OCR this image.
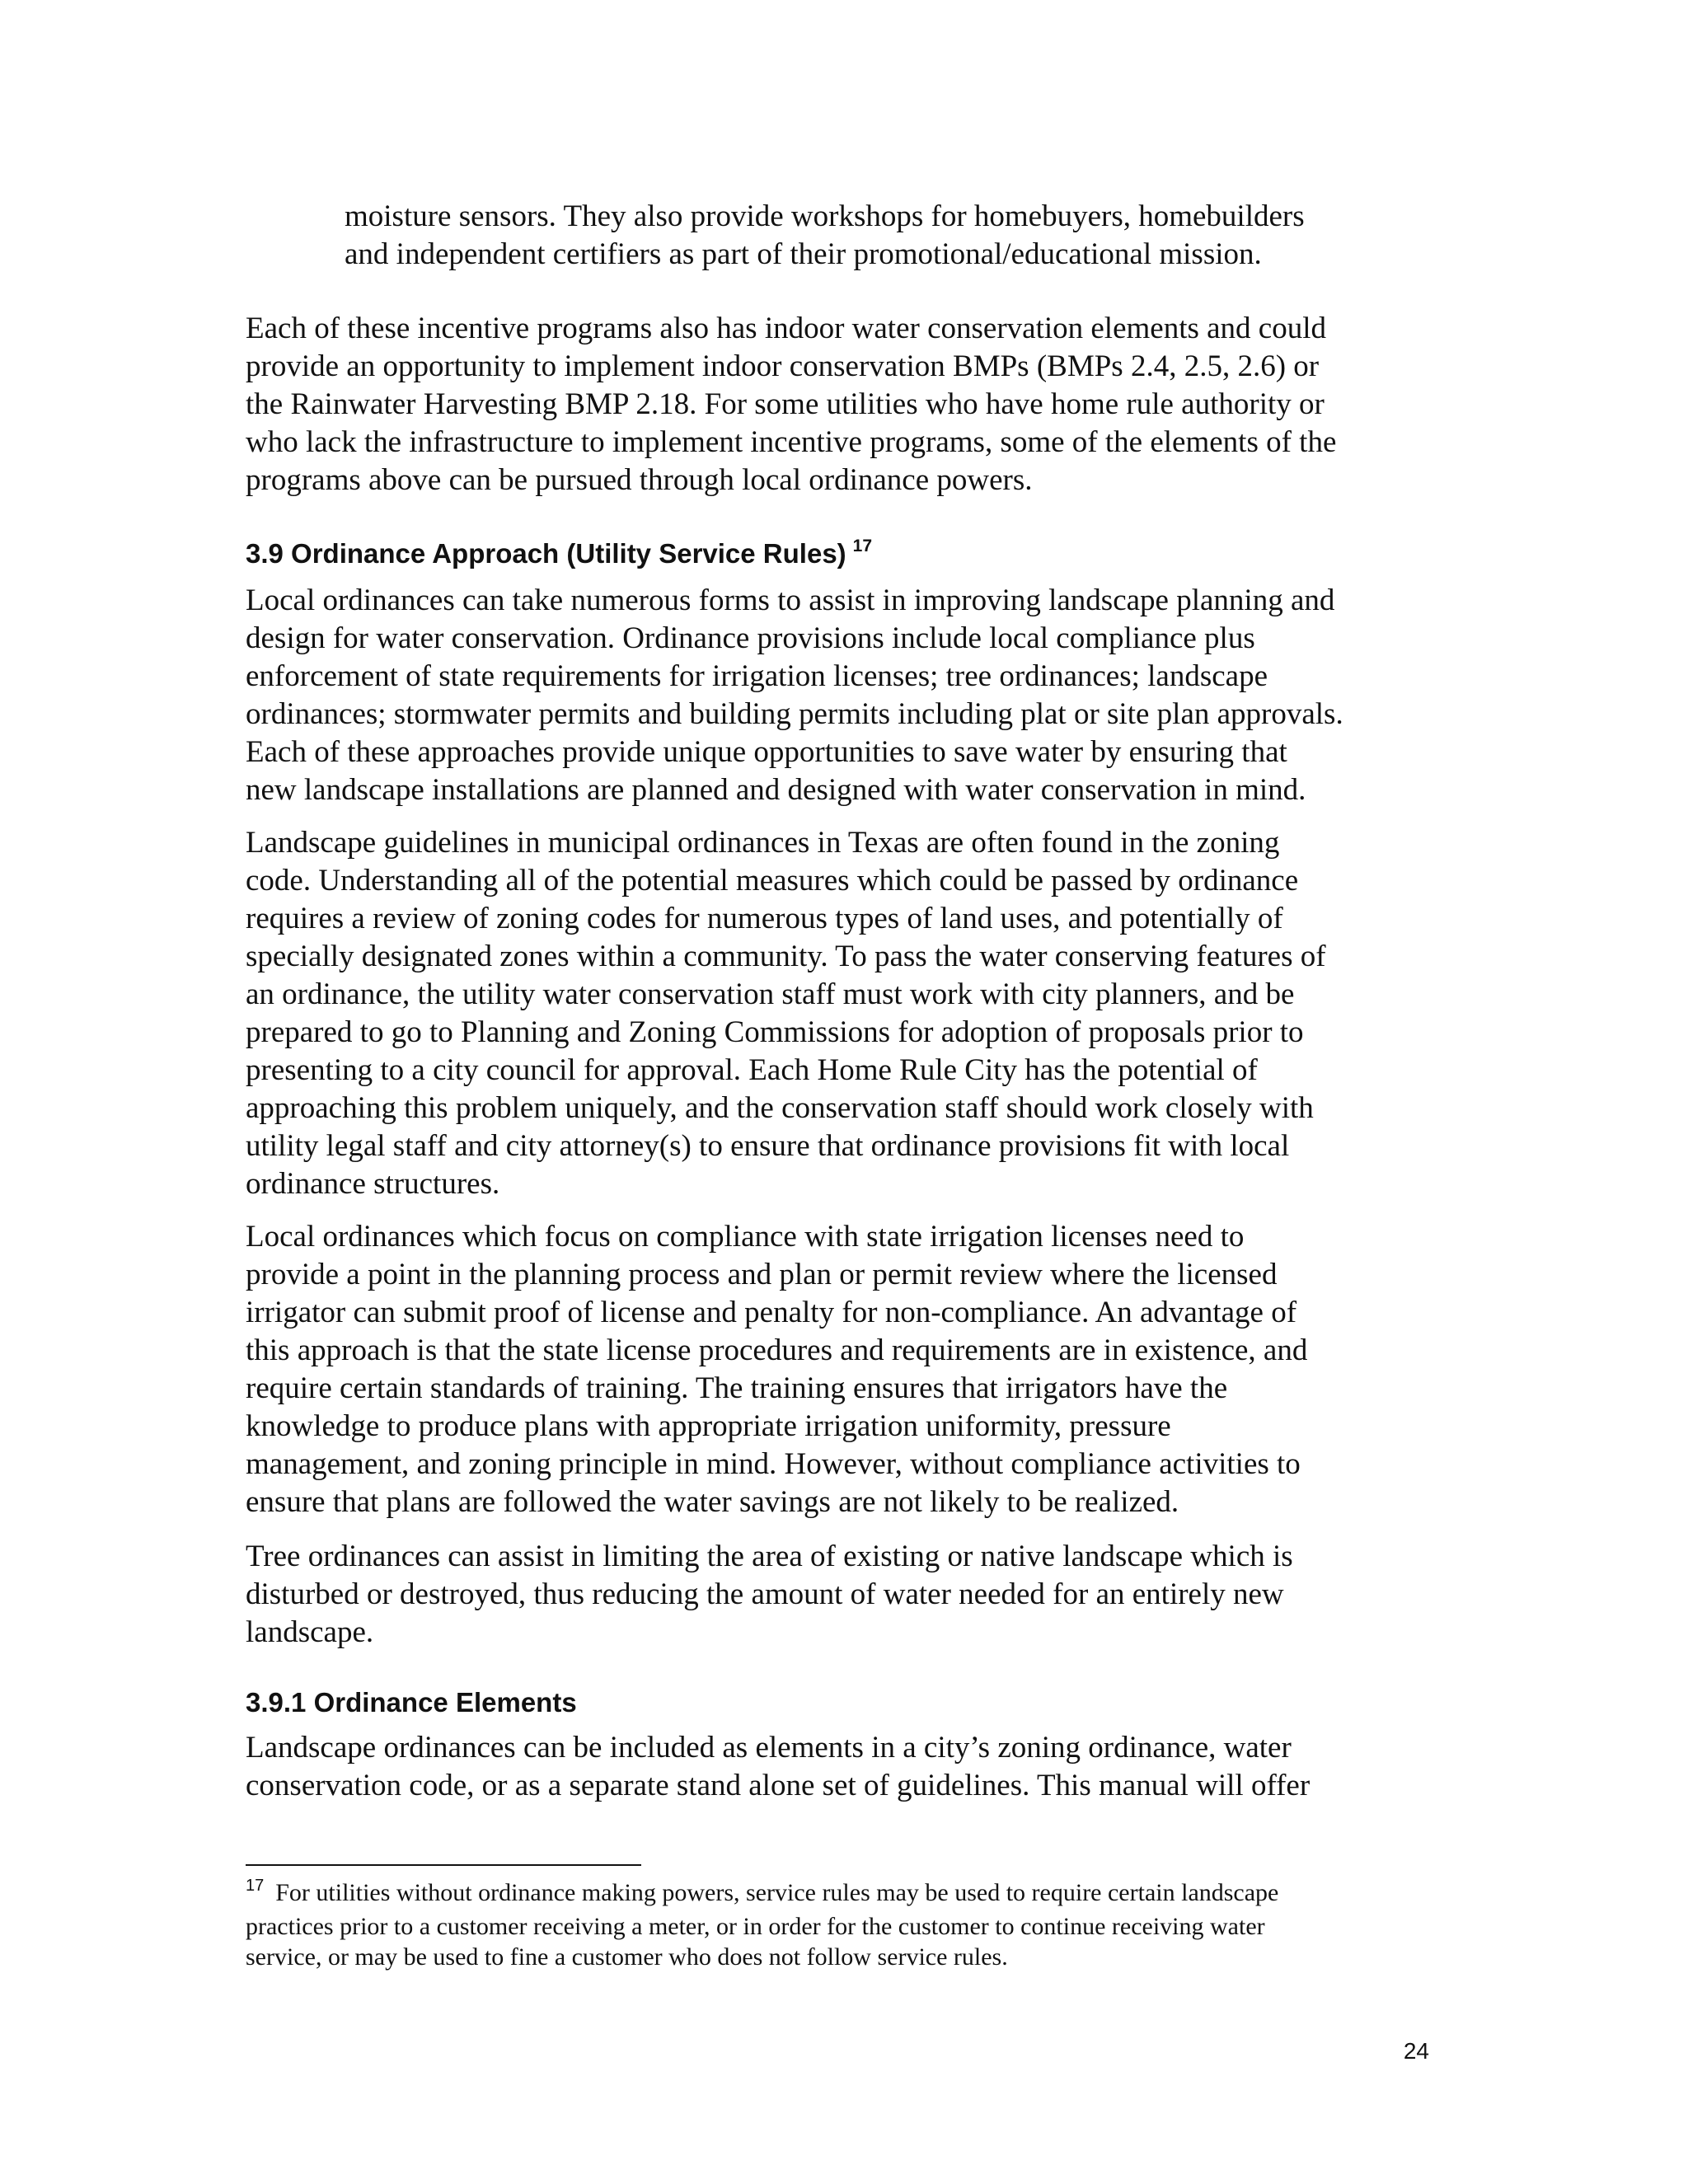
moisture sensors. They also provide workshops for homebuyers, homebuilders
and independent certifiers as part of their promotional/educational mission.

Each of these incentive programs also has indoor water conservation elements and could
provide an opportunity to implement indoor conservation BMPs (BMPs 2.4, 2.5, 2.6) or
the Rainwater Harvesting BMP 2.18. For some utilities who have home rule authority or
who lack the infrastructure to implement incentive programs, some of the elements of the
programs above can be pursued through local ordinance powers.

3.9 Ordinance Approach (Utility Service Rules) $^{17}$

Local ordinances can take numerous forms to assist in improving landscape planning and
design for water conservation. Ordinance provisions include local compliance plus
enforcement of state requirements for irrigation licenses; tree ordinances; landscape
ordinances; stormwater permits and building permits including plat or site plan approvals.
Each of these approaches provide unique opportunities to save water by ensuring that
new landscape installations are planned and designed with water conservation in mind.

Landscape guidelines in municipal ordinances in Texas are often found in the zoning
code. Understanding all of the potential measures which could be passed by ordinance
requires a review of zoning codes for numerous types of land uses, and potentially of
specially designated zones within a community. To pass the water conserving features of
an ordinance, the utility water conservation staff must work with city planners, and be
prepared to go to Planning and Zoning Commissions for adoption of proposals prior to
presenting to a city council for approval. Each Home Rule City has the potential of
approaching this problem uniquely, and the conservation staff should work closely with
utility legal staff and city attorney(s) to ensure that ordinance provisions fit with local
ordinance structures.

Local ordinances which focus on compliance with state irrigation licenses need to
provide a point in the planning process and plan or permit review where the licensed
irrigator can submit proof of license and penalty for non-compliance. An advantage of
this approach is that the state license procedures and requirements are in existence, and
require certain standards of training. The training ensures that irrigators have the
knowledge to produce plans with appropriate irrigation uniformity, pressure
management, and zoning principle in mind. However, without compliance activities to
ensure that plans are followed the water savings are not likely to be realized.

Tree ordinances can assist in limiting the area of existing or native landscape which is
disturbed or destroyed, thus reducing the amount of water needed for an entirely new
landscape.

3.9.1 Ordinance Elements

Landscape ordinances can be included as elements in a city’s zoning ordinance, water
conservation code, or as a separate stand alone set of guidelines. This manual will offer

$^{17}$ For utilities without ordinance making powers, service rules may be used to require certain landscape
practices prior to a customer receiving a meter, or in order for the customer to continue receiving water
service, or may be used to fine a customer who does not follow service rules.

24
